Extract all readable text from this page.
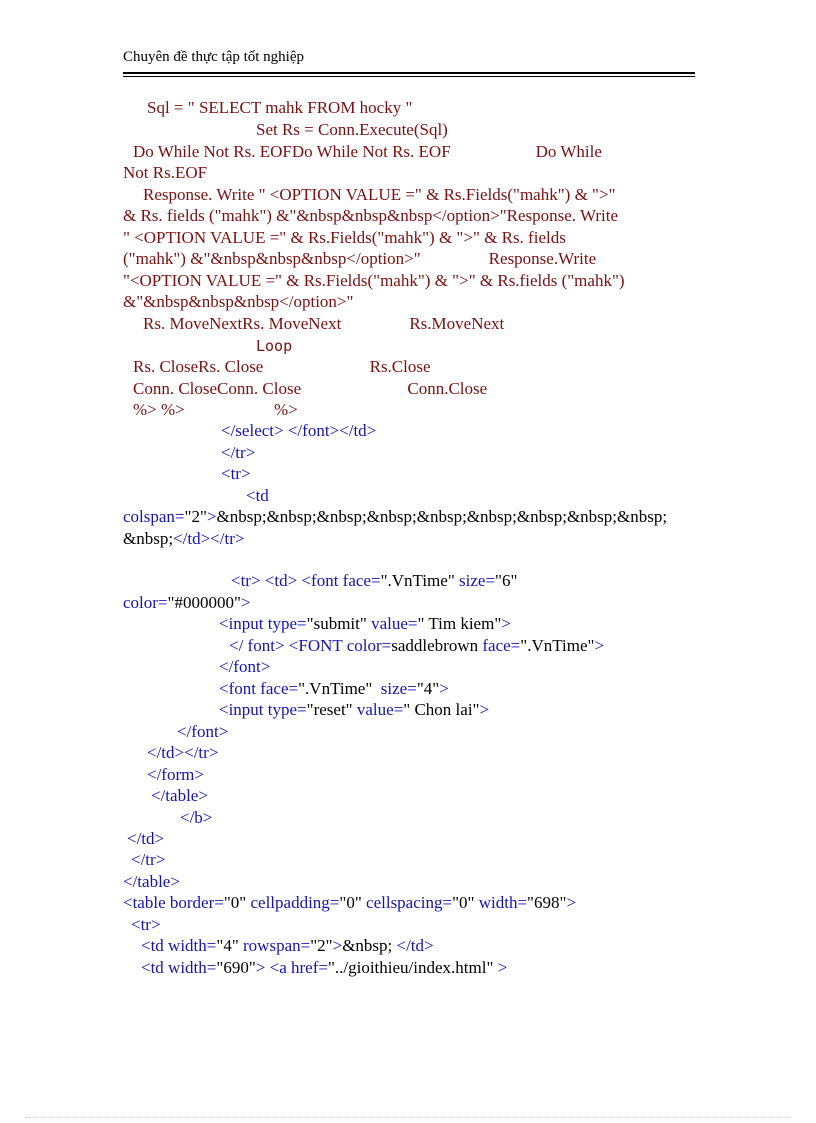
Chuyên đề thực tập tốt nghiệp
Sql = " SELECT mahk FROM hocky "
Set Rs = Conn.Execute(Sql)
Do While Not Rs. EOFDo While Not Rs. EOF                    Do While
Not Rs.EOF
Response. Write " <OPTION VALUE =" & Rs.Fields("mahk") & ">"
& Rs. fields ("mahk") &"&nbsp&nbsp&nbsp</option>"Response. Write
" <OPTION VALUE =" & Rs.Fields("mahk") & ">" & Rs. fields
("mahk") &"&nbsp&nbsp&nbsp</option>"                Response.Write
"<OPTION VALUE =" & Rs.Fields("mahk") & ">" & Rs.fields ("mahk")
&"&nbsp&nbsp&nbsp</option>"
Rs. MoveNextRs. MoveNext                Rs.MoveNext
Loop
Rs. CloseRs. Close                         Rs.Close
Conn. CloseConn. Close                         Conn.Close
%> %>                     %>
</select> </font></td>
</tr>
<tr>
<td
colspan="2">&nbsp;&nbsp;&nbsp;&nbsp;&nbsp;&nbsp;&nbsp;&nbsp;&nbsp;
&nbsp;</td></tr>
<tr> <td> <font face=".VnTime" size="6"
color="#000000">
<input type="submit" value=" Tim kiem">
</ font> <FONT color=saddlebrown face=".VnTime">
</font>
<font face=".VnTime"  size="4">
<input type="reset" value=" Chon lai">
</font>
</td></tr>
</form>
</table>
</b>
</td>
</tr>
</table>
<table border="0" cellpadding="0" cellspacing="0" width="698">
<tr>
<td width="4" rowspan="2">&nbsp; </td>
<td width="690"> <a href="../gioithieu/index.html" >
